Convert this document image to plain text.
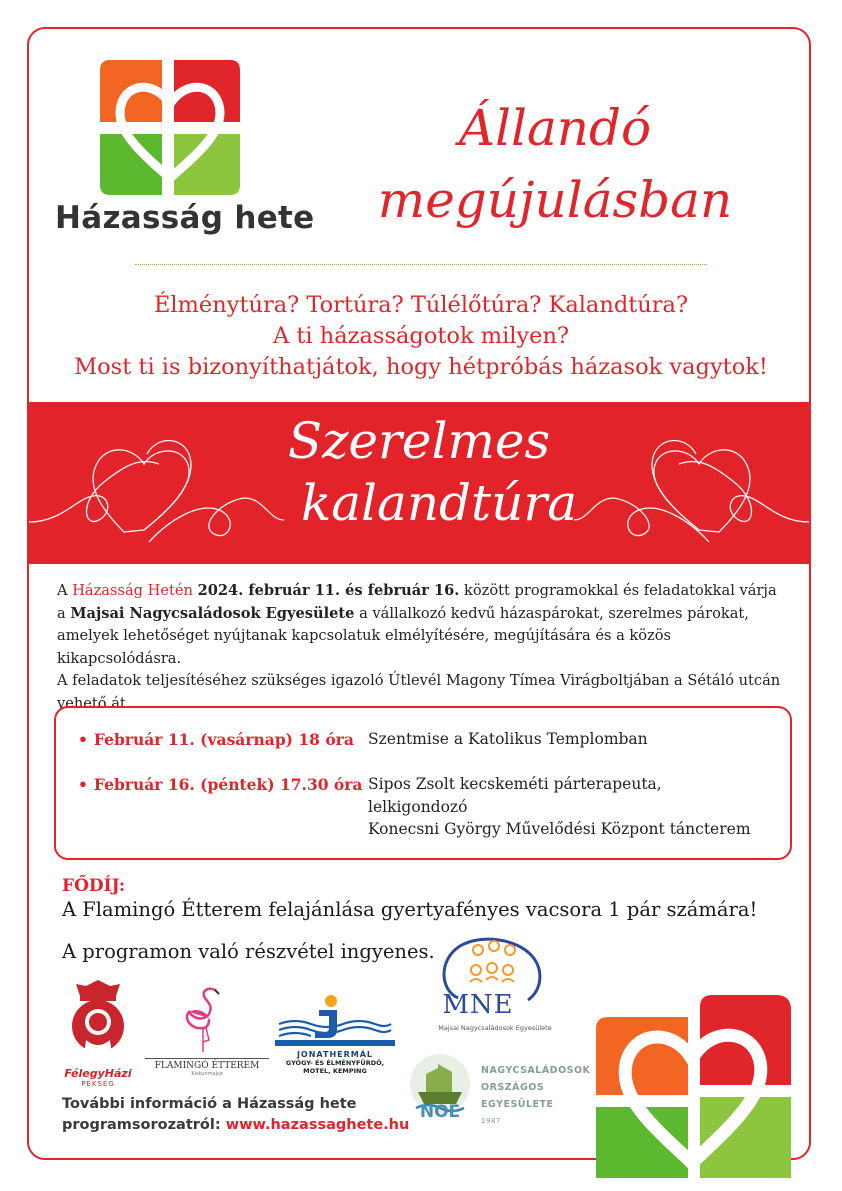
Házasság hete
Állandó
megújulásban
Élménytúra? Tortúra? Túlélőtúra? Kalandtúra?
A ti házasságotok milyen?
Most ti is bizonyíthatjátok, hogy hétpróbás házasok vagytok!
Szerelmes
kalandtúra
A Házasság Hetén 2024. február 11. és február 16. között programokkal és feladatokkal várja a Majsai Nagycsaládosok Egyesülete a vállalkozó kedvű házaspárokat, szerelmes párokat, amelyek lehetőséget nyújtanak kapcsolatuk elmélyítésére, megújítására és a közös kikapcsolódásra.
A feladatok teljesítéséhez szükséges igazoló Útlevél Magony Tímea Virágboltjában a Sétáló utcán vehető át.
• Február 11. (vasárnap) 18 óra Szentmise a Katolikus Templomban
• Február 16. (péntek) 17.30 óra Sipos Zsolt kecskeméti párterapeuta,
lelkigondozó
Konecsni György Művelődési Központ táncterem
FŐDÍJ:
A Flamingó Étterem felajánlása gyertyafényes vacsora 1 pár számára!
A programon való részvétel ingyenes.
FélegyHázi
PÉKSÉG
FLAMINGÓ ÉTTEREM
Kiskunmajsa
JONATHERMÁL
GYÓGY- ÉS ÉLMÉNYFÜRDŐ,
MOTEL, KEMPING
MNE
Majsai Nagycsaládosok Egyesülete
NOE
NAGYCSALÁDOSOK
ORSZÁGOS
EGYESÜLETE
1987
További információ a Házasság hete
programsorozatról: www.hazassaghete.hu
